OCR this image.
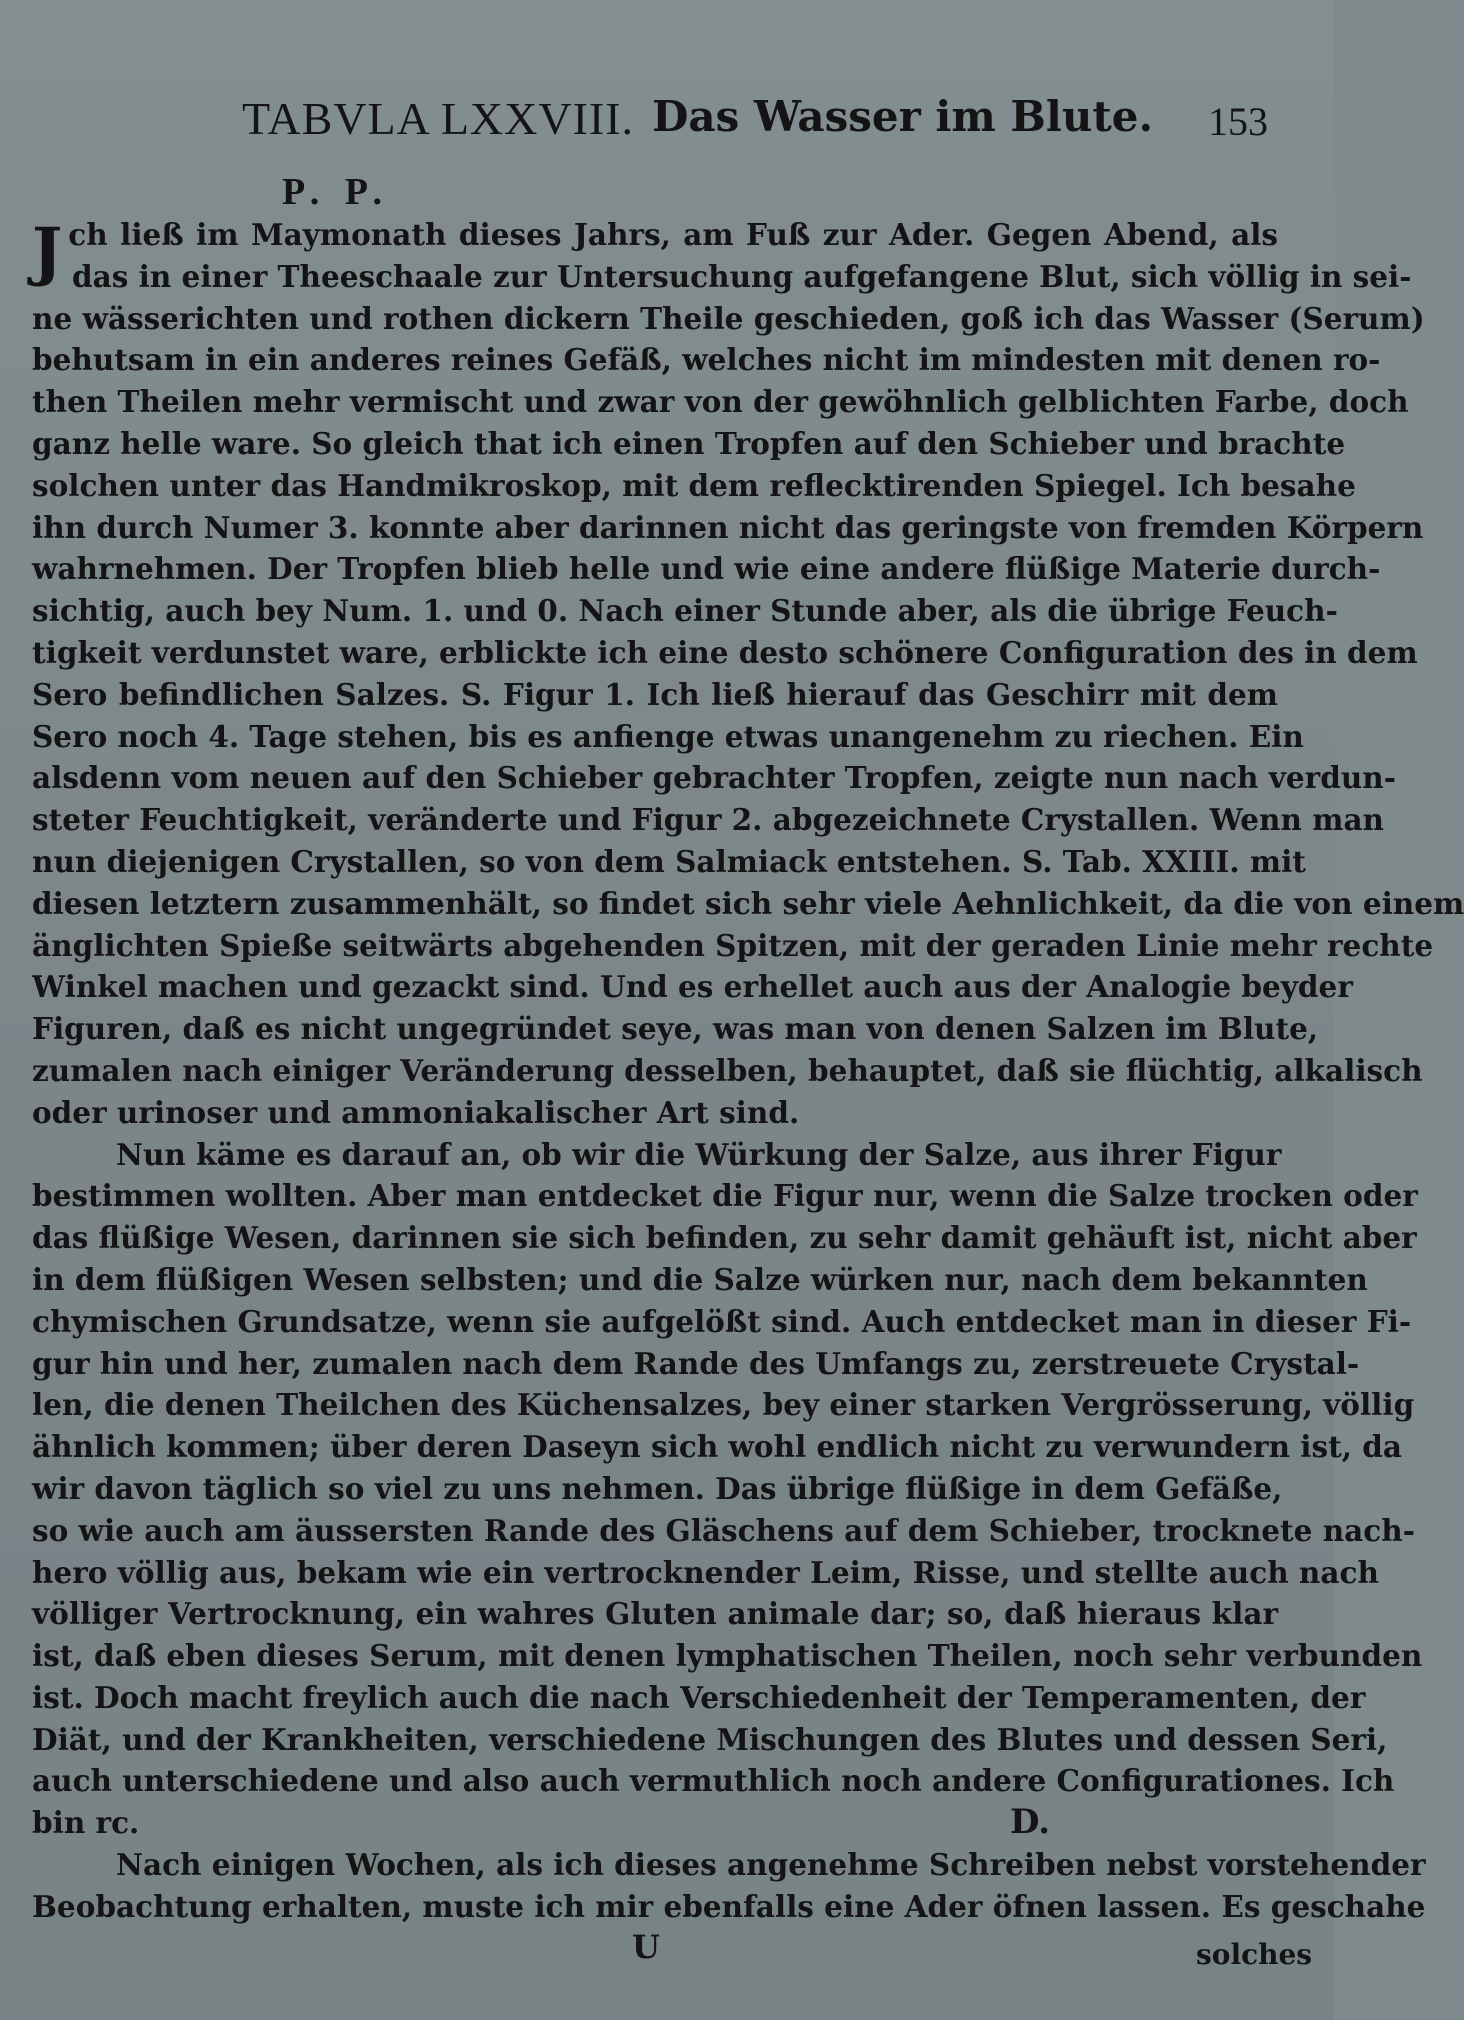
TABVLA LXXVIII. Das Wasser im Blute. 153
P. P.
J ch ließ im Maymonath dieses Jahrs, am Fuß zur Ader. Gegen Abend, als
das in einer Theeschaale zur Untersuchung aufgefangene Blut, sich völlig in sei-
ne wässerichten und rothen dickern Theile geschieden, goß ich das Wasser (Serum)
behutsam in ein anderes reines Gefäß, welches nicht im mindesten mit denen ro-
then Theilen mehr vermischt und zwar von der gewöhnlich gelblichten Farbe, doch
ganz helle ware. So gleich that ich einen Tropfen auf den Schieber und brachte
solchen unter das Handmikroskop, mit dem reflecktirenden Spiegel. Ich besahe
ihn durch Numer 3. konnte aber darinnen nicht das geringste von fremden Körpern
wahrnehmen. Der Tropfen blieb helle und wie eine andere flüßige Materie durch-
sichtig, auch bey Num. 1. und 0. Nach einer Stunde aber, als die übrige Feuch-
tigkeit verdunstet ware, erblickte ich eine desto schönere Configuration des in dem
Sero befindlichen Salzes. S. Figur 1. Ich ließ hierauf das Geschirr mit dem
Sero noch 4. Tage stehen, bis es anfienge etwas unangenehm zu riechen. Ein
alsdenn vom neuen auf den Schieber gebrachter Tropfen, zeigte nun nach verdun-
steter Feuchtigkeit, veränderte und Figur 2. abgezeichnete Crystallen. Wenn man
nun diejenigen Crystallen, so von dem Salmiack entstehen. S. Tab. XXIII. mit
diesen letztern zusammenhält, so findet sich sehr viele Aehnlichkeit, da die von einem
änglichten Spieße seitwärts abgehenden Spitzen, mit der geraden Linie mehr rechte
Winkel machen und gezackt sind. Und es erhellet auch aus der Analogie beyder
Figuren, daß es nicht ungegründet seye, was man von denen Salzen im Blute,
zumalen nach einiger Veränderung desselben, behauptet, daß sie flüchtig, alkalisch
oder urinoser und ammoniakalischer Art sind.
Nun käme es darauf an, ob wir die Würkung der Salze, aus ihrer Figur
bestimmen wollten. Aber man entdecket die Figur nur, wenn die Salze trocken oder
das flüßige Wesen, darinnen sie sich befinden, zu sehr damit gehäuft ist, nicht aber
in dem flüßigen Wesen selbsten; und die Salze würken nur, nach dem bekannten
chymischen Grundsatze, wenn sie aufgelößt sind. Auch entdecket man in dieser Fi-
gur hin und her, zumalen nach dem Rande des Umfangs zu, zerstreuete Crystal-
len, die denen Theilchen des Küchensalzes, bey einer starken Vergrösserung, völlig
ähnlich kommen; über deren Daseyn sich wohl endlich nicht zu verwundern ist, da
wir davon täglich so viel zu uns nehmen. Das übrige flüßige in dem Gefäße,
so wie auch am äussersten Rande des Gläschens auf dem Schieber, trocknete nach-
hero völlig aus, bekam wie ein vertrocknender Leim, Risse, und stellte auch nach
völliger Vertrocknung, ein wahres Gluten animale dar; so, daß hieraus klar
ist, daß eben dieses Serum, mit denen lymphatischen Theilen, noch sehr verbunden
ist. Doch macht freylich auch die nach Verschiedenheit der Temperamenten, der
Diät, und der Krankheiten, verschiedene Mischungen des Blutes und dessen Seri,
auch unterschiedene und also auch vermuthlich noch andere Configurationes. Ich
bin rc.	D.
Nach einigen Wochen, als ich dieses angenehme Schreiben nebst vorstehender
Beobachtung erhalten, muste ich mir ebenfalls eine Ader öfnen lassen. Es geschahe
U	solches
